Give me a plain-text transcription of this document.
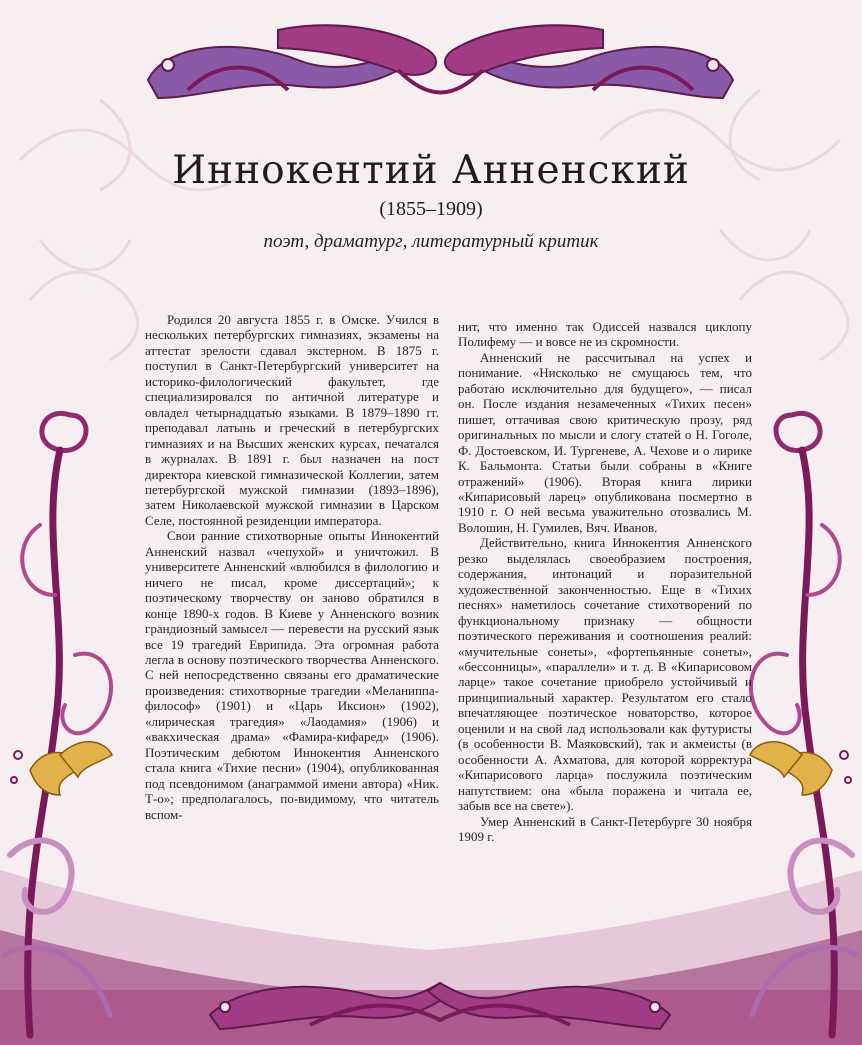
Иннокентий Анненский
(1855–1909)
поэт, драматург, литературный критик

Родился 20 августа 1855 г. в Омске. Учился в нескольких петербургских гимназиях, экзамены на аттестат зрелости сдавал экстерном. В 1875 г. поступил в Санкт-Петербургский университет на историко-филологический факультет, где специализировался по античной литературе и овладел четырнадцатью языками. В 1879–1890 гг. преподавал латынь и греческий в петербургских гимназиях и на Высших женских курсах, печатался в журналах. В 1891 г. был назначен на пост директора киевской гимназической Коллегии, затем петербургской мужской гимназии (1893–1896), затем Николаевской мужской гимназии в Царском Селе, постоянной резиденции императора.

Свои ранние стихотворные опыты Иннокентий Анненский назвал «чепухой» и уничтожил. В университете Анненский «влюбился в филологию и ничего не писал, кроме диссертаций»; к поэтическому творчеству он заново обратился в конце 1890-х годов. В Киеве у Анненского возник грандиозный замысел — перевести на русский язык все 19 трагедий Еврипида. Эта огромная работа легла в основу поэтического творчества Анненского. С ней непосредственно связаны его драматические произведения: стихотворные трагедии «Меланиппа-философ» (1901) и «Царь Иксион» (1902), «лирическая трагедия» «Лаодамия» (1906) и «вакхическая драма» «Фамира-кифаред» (1906). Поэтическим дебютом Иннокентия Анненского стала книга «Тихие песни» (1904), опубликованная под псевдонимом (анаграммой имени автора) «Ник. Т-о»; предполагалось, по-видимому, что читатель вспом-

нит, что именно так Одиссей назвался циклопу Полифему — и вовсе не из скромности.

Анненский не рассчитывал на успех и понимание. «Нисколько не смущаюсь тем, что работаю исключительно для будущего», — писал он. После издания незамеченных «Тихих песен» пишет, оттачивая свою критическую прозу, ряд оригинальных по мысли и слогу статей о Н. Гоголе, Ф. Достоевском, И. Тургеневе, А. Чехове и о лирике К. Бальмонта. Статьи были собраны в «Книге отражений» (1906). Вторая книга лирики «Кипарисовый ларец» опубликована посмертно в 1910 г. О ней весьма уважительно отозвались М. Волошин, Н. Гумилев, Вяч. Иванов.

Действительно, книга Иннокентия Анненского резко выделялась своеобразием построения, содержания, интонаций и поразительной художественной законченностью. Еще в «Тихих песнях» наметилось сочетание стихотворений по функциональному признаку — общности поэтического переживания и соотношения реалий: «мучительные сонеты», «фортепьянные сонеты», «бессонницы», «параллели» и т. д. В «Кипарисовом ларце» такое сочетание приобрело устойчивый и принципиальный характер. Результатом его стало впечатляющее поэтическое новаторство, которое оценили и на свой лад использовали как футуристы (в особенности В. Маяковский), так и акмеисты (в особенности А. Ахматова, для которой корректура «Кипарисового ларца» послужила поэтическим напутствием: она «была поражена и читала ее, забыв все на свете»).

Умер Анненский в Санкт-Петербурге 30 ноября 1909 г.
